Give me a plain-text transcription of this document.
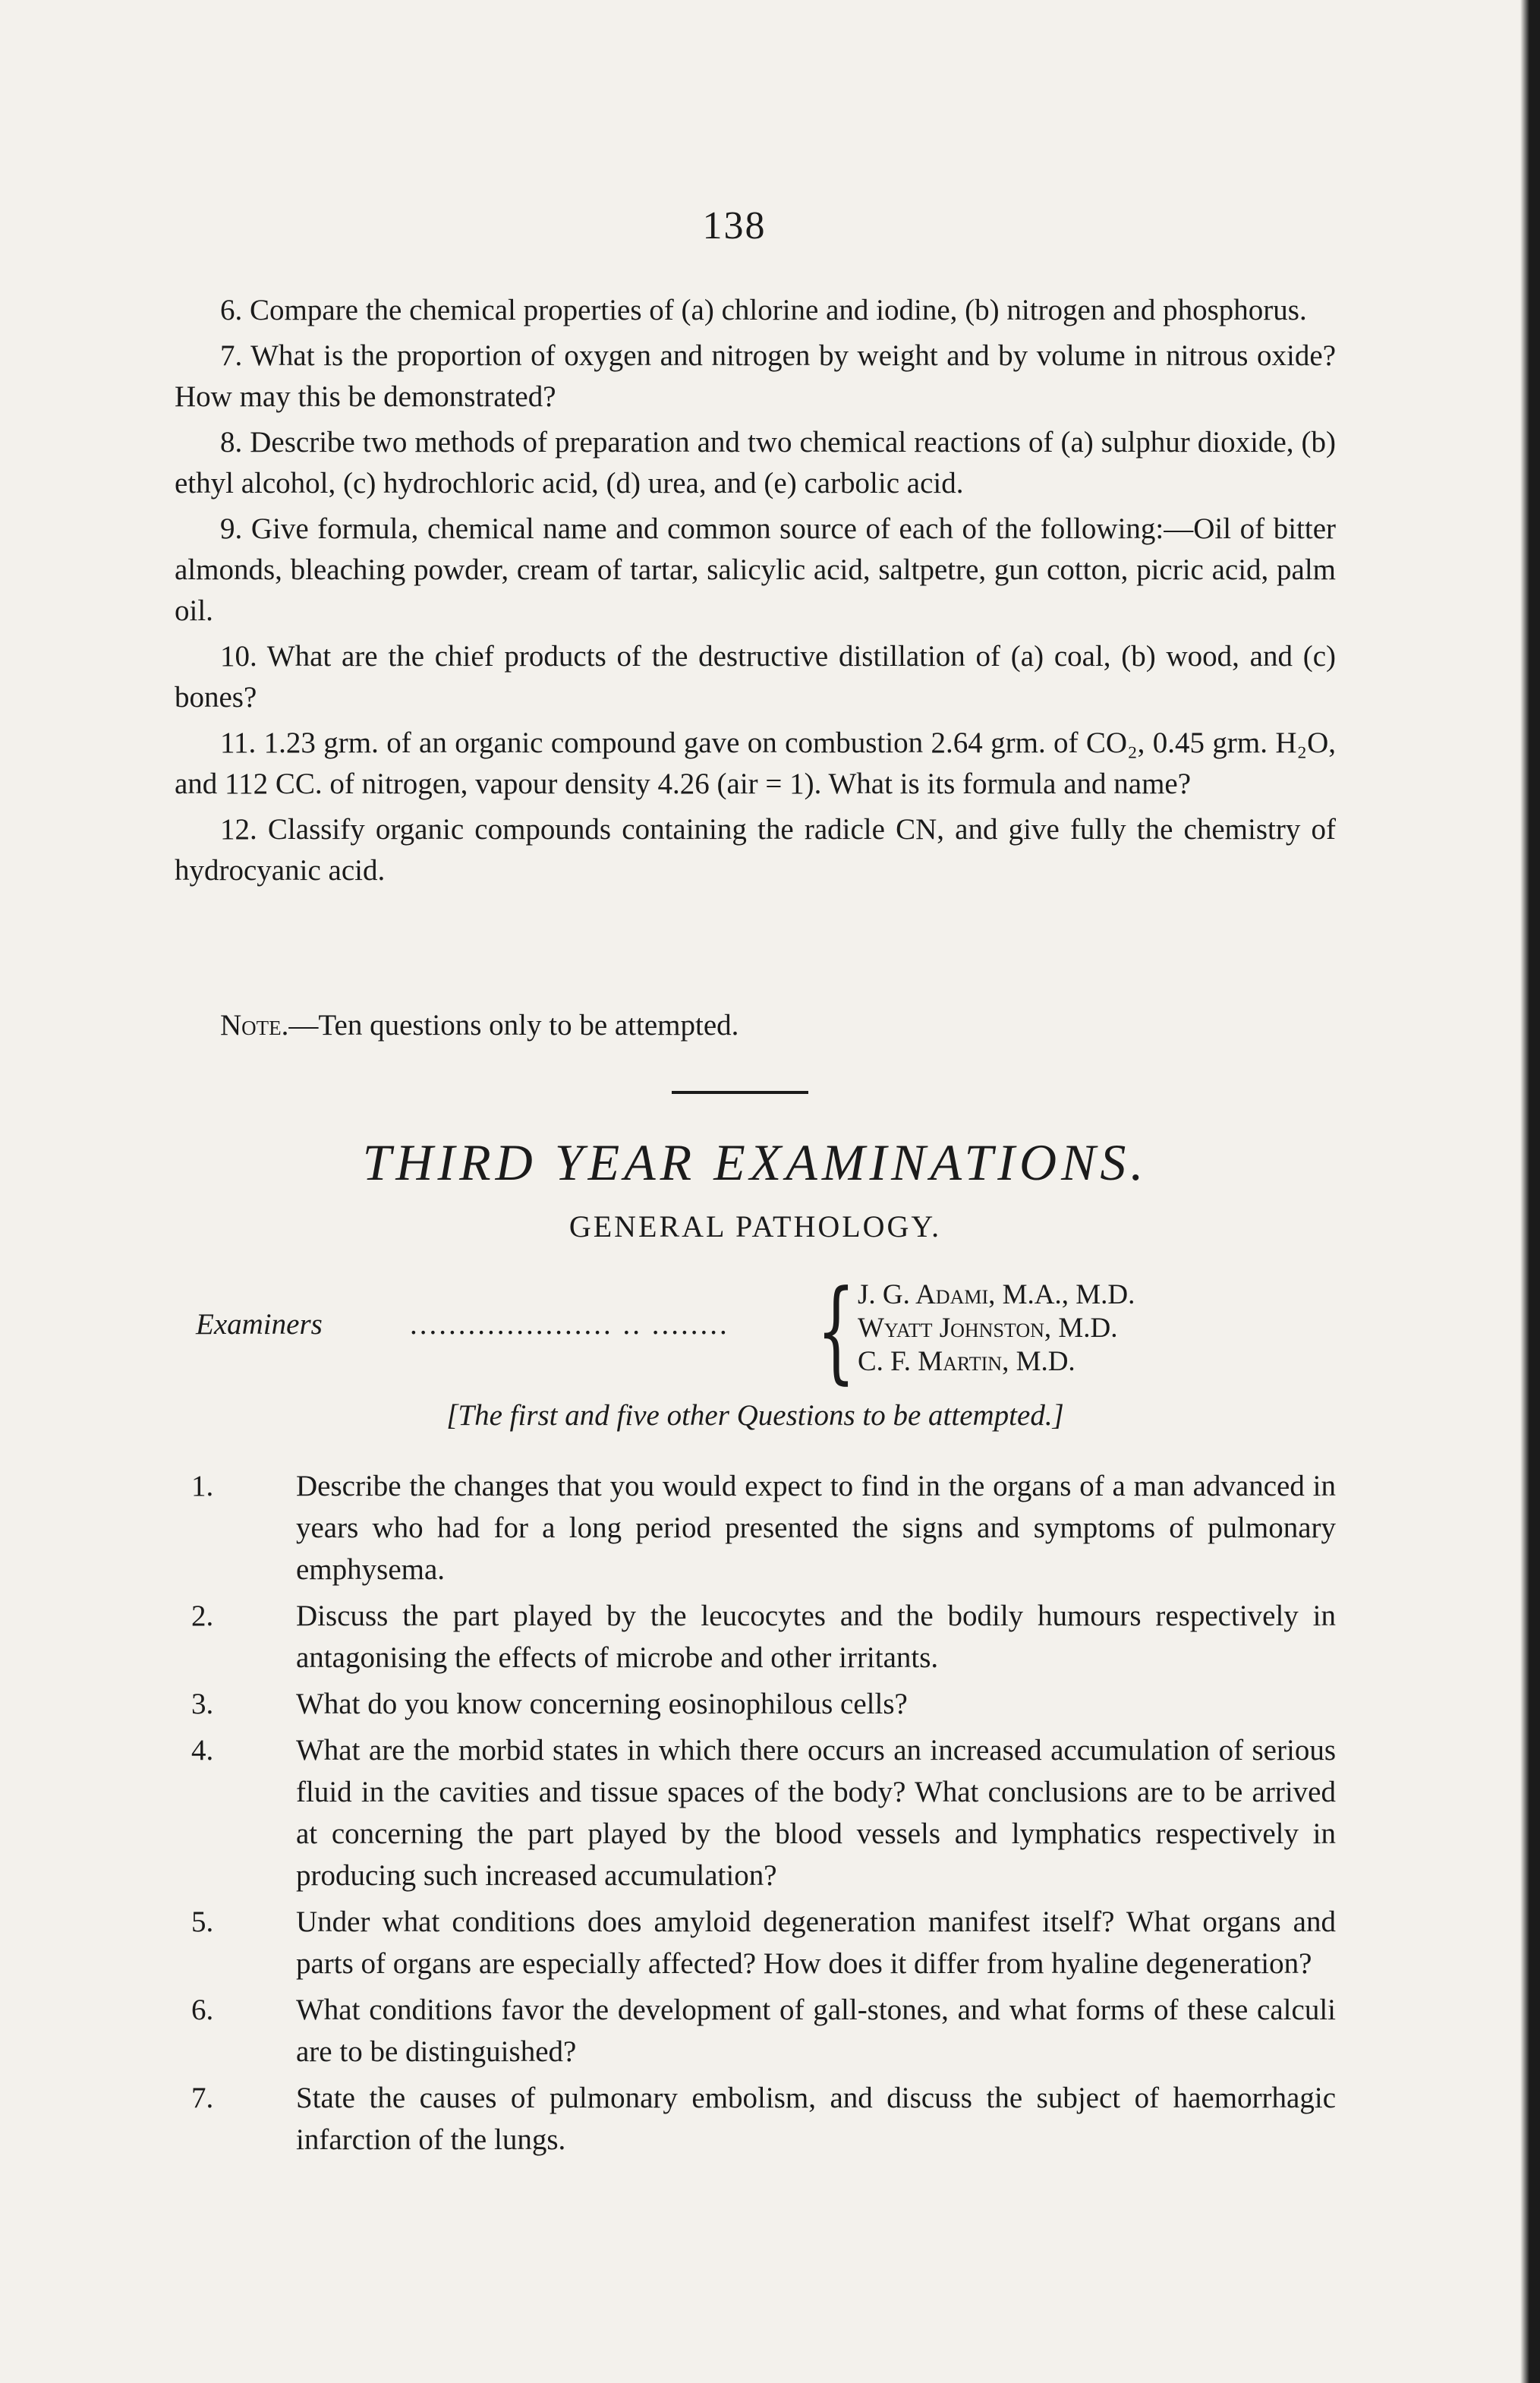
138

6. Compare the chemical properties of (a) chlorine and iodine, (b) nitrogen and phosphorus.

7. What is the proportion of oxygen and nitrogen by weight and by volume in nitrous oxide? How may this be demonstrated?

8. Describe two methods of preparation and two chemical reactions of (a) sulphur dioxide, (b) ethyl alcohol, (c) hydrochloric acid, (d) urea, and (e) carbolic acid.

9. Give formula, chemical name and common source of each of the following:—Oil of bitter almonds, bleaching powder, cream of tartar, salicylic acid, saltpetre, gun cotton, picric acid, palm oil.

10. What are the chief products of the destructive distillation of (a) coal, (b) wood, and (c) bones?

11. 1.23 grm. of an organic compound gave on combustion 2.64 grm. of CO₂, 0.45 grm. H₂O, and 112 CC. of nitrogen, vapour density 4.26 (air = 1). What is its formula and name?

12. Classify organic compounds containing the radicle CN, and give fully the chemistry of hydrocyanic acid.

Note.—Ten questions only to be attempted.
THIRD YEAR EXAMINATIONS.
GENERAL PATHOLOGY.
Examiners	..................... .. ........ { J. G. Adami, M.A., M.D.
Wyatt Johnston, M.D.
C. F. Martin, M.D.
[The first and five other Questions to be attempted.]
1.	Describe the changes that you would expect to find in the organs of a man advanced in years who had for a long period presented the signs and symptoms of pulmonary emphysema.
2.	Discuss the part played by the leucocytes and the bodily humours respectively in antagonising the effects of microbe and other irritants.
3.	What do you know concerning eosinophilous cells?
4.	What are the morbid states in which there occurs an increased accumulation of serious fluid in the cavities and tissue spaces of the body? What conclusions are to be arrived at concerning the part played by the blood vessels and lymphatics respectively in producing such increased accumulation?
5.	Under what conditions does amyloid degeneration manifest itself? What organs and parts of organs are especially affected? How does it differ from hyaline degeneration?
6.	What conditions favor the development of gall-stones, and what forms of these calculi are to be distinguished?
7.	State the causes of pulmonary embolism, and discuss the subject of haemorrhagic infarction of the lungs.
